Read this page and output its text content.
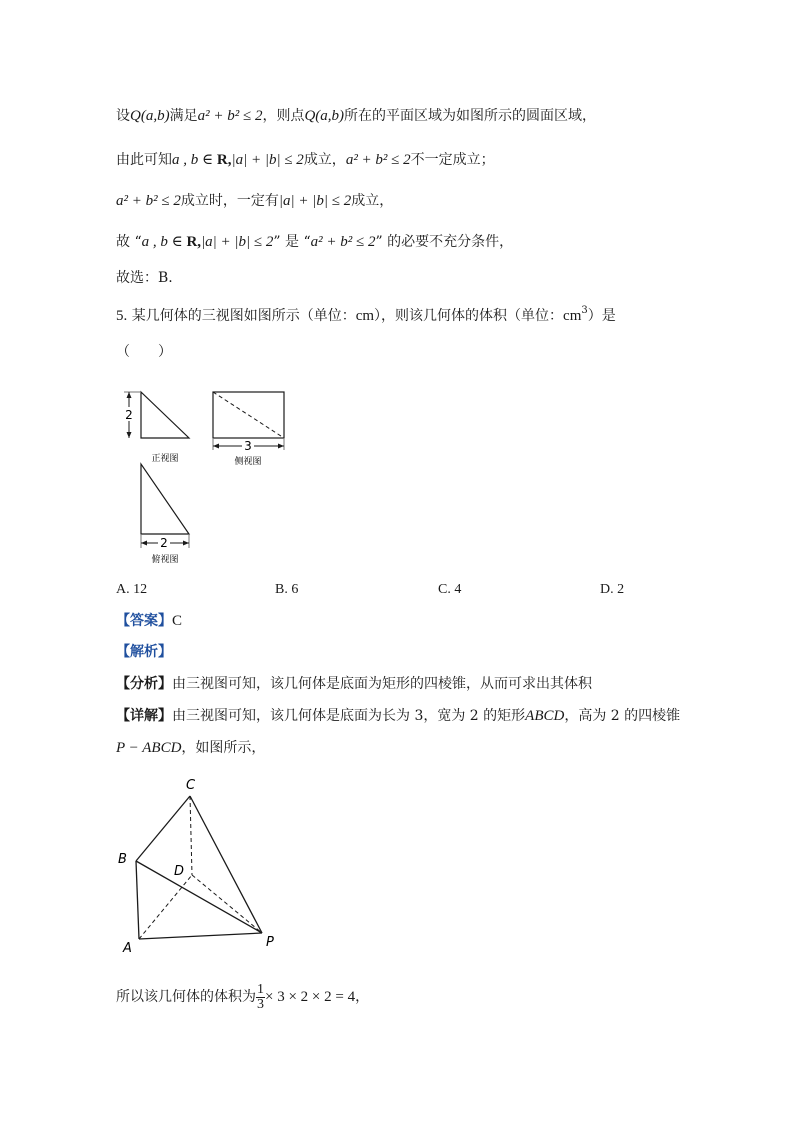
设Q(a,b)满足a² + b² ≤ 2，则点Q(a,b)所在的平面区域为如图所示的圆面区域，
由此可知a , b ∈ R,|a| + |b| ≤ 2成立，a² + b² ≤ 2不一定成立；
a² + b² ≤ 2成立时，一定有|a| + |b| ≤ 2成立，
故 “a , b ∈ R,|a| + |b| ≤ 2” 是 “a² + b² ≤ 2” 的必要不充分条件，
故选：B.
5. 某几何体的三视图如图所示（单位：cm），则该几何体的体积（单位：$cm^3$）是
（　　）
2
正视图
3
侧视图
2
俯视图
A. 12	B. 6	C. 4	D. 2
【答案】C
【解析】
【分析】由三视图可知，该几何体是底面为矩形的四棱锥，从而可求出其体积
【详解】由三视图可知，该几何体是底面为长为 3，宽为 2 的矩形ABCD，高为 2 的四棱锥
P − ABCD，如图所示，
C
B
D
A	P
所以该几何体的体积为 $\frac{1}{3} \times 3 \times 2 \times 2 = 4$，
